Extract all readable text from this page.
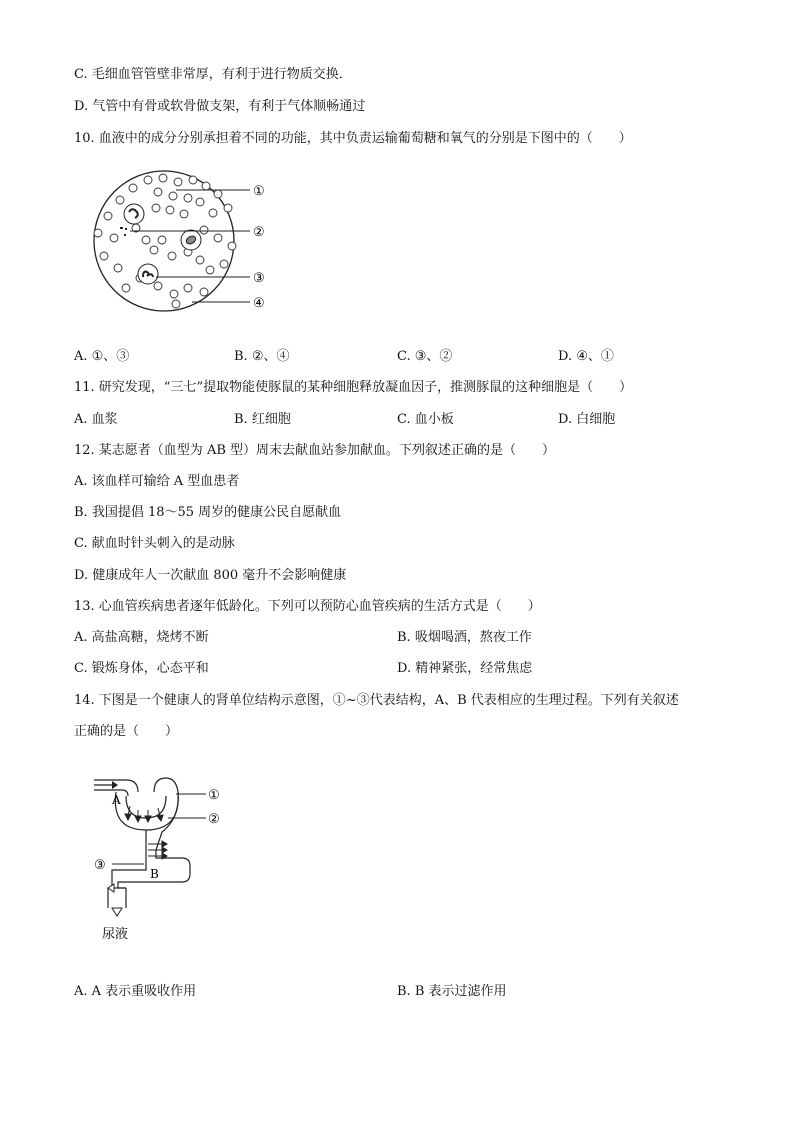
C. 毛细血管管壁非常厚，有利于进行物质交换．
D. 气管中有骨或软骨做支架，有利于气体顺畅通过
10. 血液中的成分分别承担着不同的功能，其中负责运输葡萄糖和氧气的分别是下图中的（　　）
①
②
③
④
A. ①、③	B. ②、④	C. ③、②	D. ④、①
11. 研究发现，“三七”提取物能使豚鼠的某种细胞释放凝血因子，推测豚鼠的这种细胞是（　　）
A. 血浆	B. 红细胞	C. 血小板	D. 白细胞
12. 某志愿者（血型为 AB 型）周末去献血站参加献血。下列叙述正确的是（　　）
A. 该血样可输给 A 型血患者
B. 我国提倡 18～55 周岁的健康公民自愿献血
C. 献血时针头刺入的是动脉
D. 健康成年人一次献血 800 毫升不会影响健康
13. 心血管疾病患者逐年低龄化。下列可以预防心血管疾病的生活方式是（　　）
A. 高盐高糖，烧烤不断	B. 吸烟喝酒，熬夜工作
C. 锻炼身体，心态平和	D. 精神紧张，经常焦虑
14. 下图是一个健康人的肾单位结构示意图，①~③代表结构，A、B 代表相应的生理过程。下列有关叙述
正确的是（　　）
①
②
③
A
B
尿液
A. A 表示重吸收作用	B. B 表示过滤作用
